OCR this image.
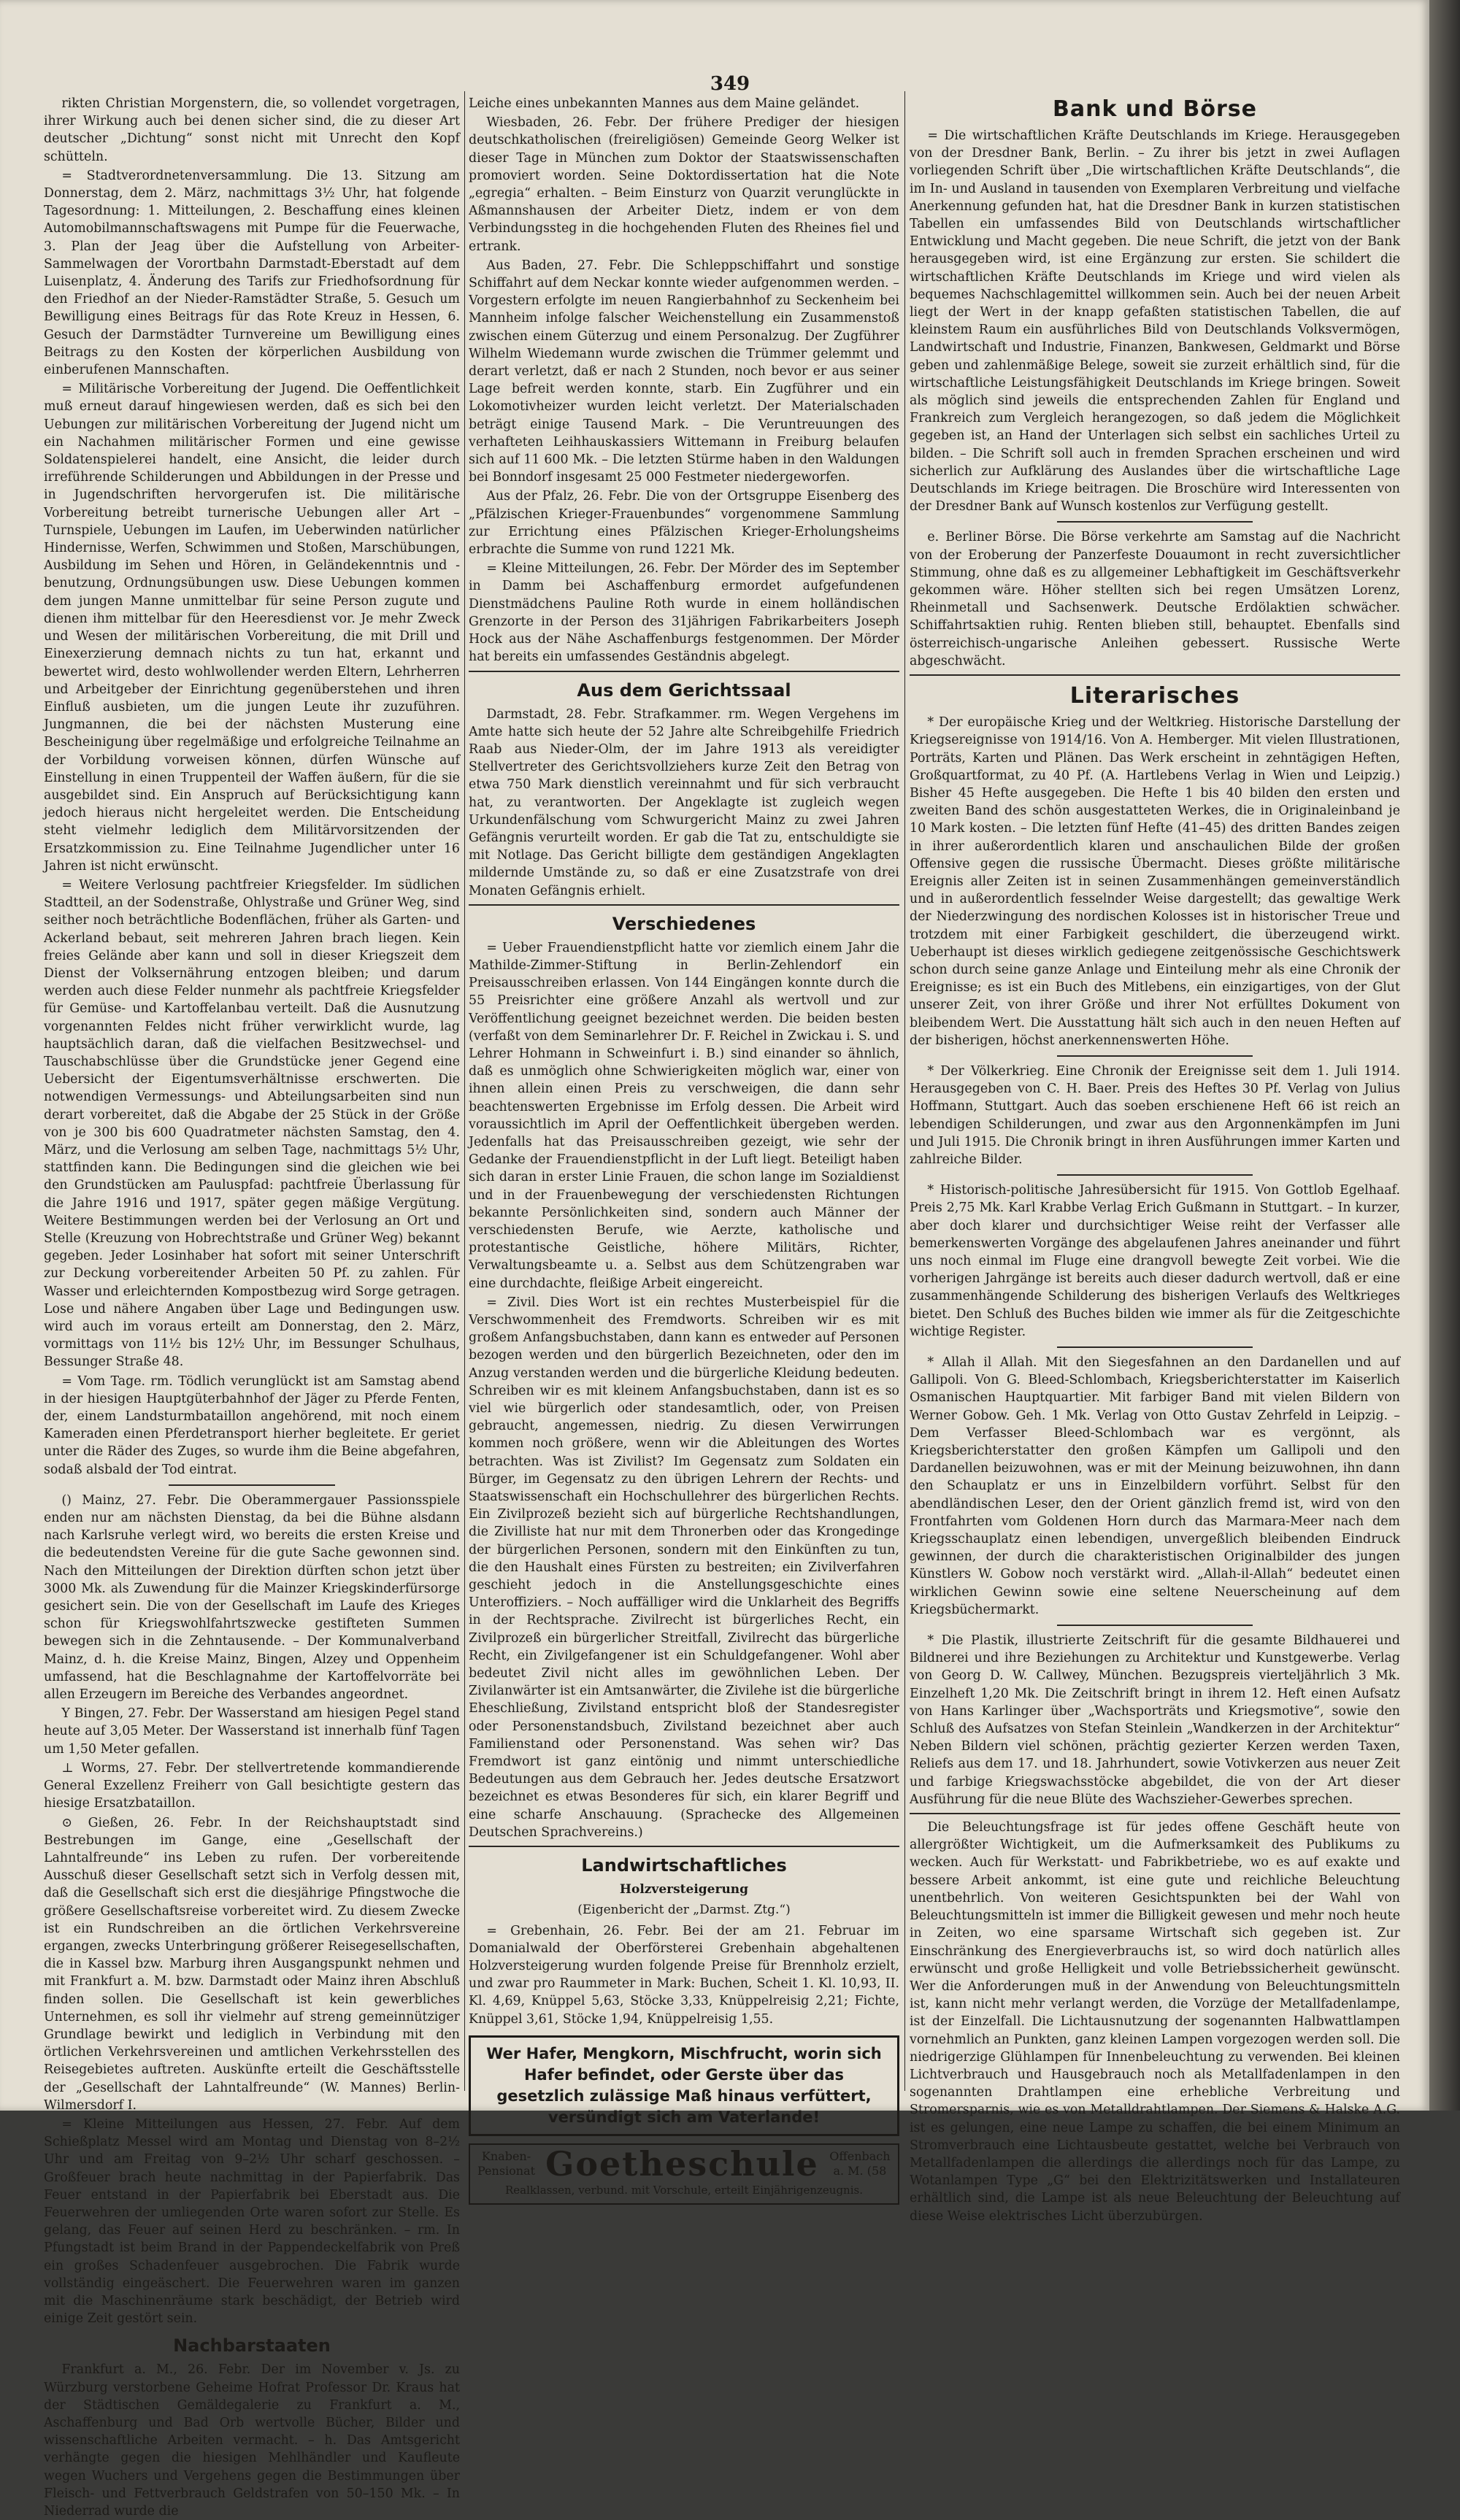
349

rikten Christian Morgenstern, die, so vollendet vorgetragen, ihrer Wirkung auch bei denen sicher sind, die zu dieser Art deutscher „Dichtung“ sonst nicht mit Unrecht den Kopf schütteln.

= Stadtverordnetenversammlung. Die 13. Sitzung am Donnerstag, dem 2. März, nachmittags 3½ Uhr, hat folgende Tagesordnung: 1. Mitteilungen, 2. Beschaffung eines kleinen Automobilmannschaftswagens mit Pumpe für die Feuerwache, 3. Plan der Jeag über die Aufstellung von Arbeiter-Sammelwagen der Vorortbahn Darmstadt-Eberstadt auf dem Luisenplatz, 4. Änderung des Tarifs zur Friedhofsordnung für den Friedhof an der Nieder-Ramstädter Straße, 5. Gesuch um Bewilligung eines Beitrags für das Rote Kreuz in Hessen, 6. Gesuch der Darmstädter Turnvereine um Bewilligung eines Beitrags zu den Kosten der körperlichen Ausbildung von einberufenen Mannschaften.

= Militärische Vorbereitung der Jugend. Die Oeffentlichkeit muß erneut darauf hingewiesen werden, daß es sich bei den Uebungen zur militärischen Vorbereitung der Jugend nicht um ein Nachahmen militärischer Formen und eine gewisse Soldatenspielerei handelt, eine Ansicht, die leider durch irreführende Schilderungen und Abbildungen in der Presse und in Jugendschriften hervorgerufen ist. Die militärische Vorbereitung betreibt turnerische Uebungen aller Art – Turnspiele, Uebungen im Laufen, im Ueberwinden natürlicher Hindernisse, Werfen, Schwimmen und Stoßen, Marschübungen, Ausbildung im Sehen und Hören, in Geländekenntnis und -benutzung, Ordnungsübungen usw. Diese Uebungen kommen dem jungen Manne unmittelbar für seine Person zugute und dienen ihm mittelbar für den Heeresdienst vor. Je mehr Zweck und Wesen der militärischen Vorbereitung, die mit Drill und Einexerzierung demnach nichts zu tun hat, erkannt und bewertet wird, desto wohlwollender werden Eltern, Lehrherren und Arbeitgeber der Einrichtung gegenüberstehen und ihren Einfluß ausbieten, um die jungen Leute ihr zuzuführen. Jungmannen, die bei der nächsten Musterung eine Bescheinigung über regelmäßige und erfolgreiche Teilnahme an der Vorbildung vorweisen können, dürfen Wünsche auf Einstellung in einen Truppenteil der Waffen äußern, für die sie ausgebildet sind. Ein Anspruch auf Berücksichtigung kann jedoch hieraus nicht hergeleitet werden. Die Entscheidung steht vielmehr lediglich dem Militärvorsitzenden der Ersatzkommission zu. Eine Teilnahme Jugendlicher unter 16 Jahren ist nicht erwünscht.

= Weitere Verlosung pachtfreier Kriegsfelder. Im südlichen Stadtteil, an der Sodenstraße, Ohlystraße und Grüner Weg, sind seither noch beträchtliche Bodenflächen, früher als Garten- und Ackerland bebaut, seit mehreren Jahren brach liegen. Kein freies Gelände aber kann und soll in dieser Kriegszeit dem Dienst der Volksernährung entzogen bleiben; und darum werden auch diese Felder nunmehr als pachtfreie Kriegsfelder für Gemüse- und Kartoffelanbau verteilt. Daß die Ausnutzung vorgenannten Feldes nicht früher verwirklicht wurde, lag hauptsächlich daran, daß die vielfachen Besitzwechsel- und Tauschabschlüsse über die Grundstücke jener Gegend eine Uebersicht der Eigentumsverhältnisse erschwerten. Die notwendigen Vermessungs- und Abteilungsarbeiten sind nun derart vorbereitet, daß die Abgabe der 25 Stück in der Größe von je 300 bis 600 Quadratmeter nächsten Samstag, den 4. März, und die Verlosung am selben Tage, nachmittags 5½ Uhr, stattfinden kann. Die Bedingungen sind die gleichen wie bei den Grundstücken am Pauluspfad: pachtfreie Überlassung für die Jahre 1916 und 1917, später gegen mäßige Vergütung. Weitere Bestimmungen werden bei der Verlosung an Ort und Stelle (Kreuzung von Hobrechtstraße und Grüner Weg) bekannt gegeben. Jeder Losinhaber hat sofort mit seiner Unterschrift zur Deckung vorbereitender Arbeiten 50 Pf. zu zahlen. Für Wasser und erleichternden Kompostbezug wird Sorge getragen. Lose und nähere Angaben über Lage und Bedingungen usw. wird auch im voraus erteilt am Donnerstag, den 2. März, vormittags von 11½ bis 12½ Uhr, im Bessunger Schulhaus, Bessunger Straße 48.

= Vom Tage. rm. Tödlich verunglückt ist am Samstag abend in der hiesigen Hauptgüterbahnhof der Jäger zu Pferde Fenten, der, einem Landsturmbataillon angehörend, mit noch einem Kameraden einen Pferdetransport hierher begleitete. Er geriet unter die Räder des Zuges, so wurde ihm die Beine abgefahren, sodaß alsbald der Tod eintrat.

() Mainz, 27. Febr. Die Oberammergauer Passionsspiele enden nur am nächsten Dienstag, da bei die Bühne alsdann nach Karlsruhe verlegt wird, wo bereits die ersten Kreise und die bedeutendsten Vereine für die gute Sache gewonnen sind. Nach den Mitteilungen der Direktion dürften schon jetzt über 3000 Mk. als Zuwendung für die Mainzer Kriegskinderfürsorge gesichert sein. Die von der Gesellschaft im Laufe des Krieges schon für Kriegswohlfahrtszwecke gestifteten Summen bewegen sich in die Zehntausende. – Der Kommunalverband Mainz, d. h. die Kreise Mainz, Bingen, Alzey und Oppenheim umfassend, hat die Beschlagnahme der Kartoffelvorräte bei allen Erzeugern im Bereiche des Verbandes angeordnet.

Y Bingen, 27. Febr. Der Wasserstand am hiesigen Pegel stand heute auf 3,05 Meter. Der Wasserstand ist innerhalb fünf Tagen um 1,50 Meter gefallen.

⊥ Worms, 27. Febr. Der stellvertretende kommandierende General Exzellenz Freiherr von Gall besichtigte gestern das hiesige Ersatzbataillon.

⊙ Gießen, 26. Febr. In der Reichshauptstadt sind Bestrebungen im Gange, eine „Gesellschaft der Lahntalfreunde“ ins Leben zu rufen. Der vorbereitende Ausschuß dieser Gesellschaft setzt sich in Verfolg dessen mit, daß die Gesellschaft sich erst die diesjährige Pfingstwoche die größere Gesellschaftsreise vorbereitet wird. Zu diesem Zwecke ist ein Rundschreiben an die örtlichen Verkehrsvereine ergangen, zwecks Unterbringung größerer Reisegesellschaften, die in Kassel bzw. Marburg ihren Ausgangspunkt nehmen und mit Frankfurt a. M. bzw. Darmstadt oder Mainz ihren Abschluß finden sollen. Die Gesellschaft ist kein gewerbliches Unternehmen, es soll ihr vielmehr auf streng gemeinnütziger Grundlage bewirkt und lediglich in Verbindung mit den örtlichen Verkehrsvereinen und amtlichen Verkehrsstellen des Reisegebietes auftreten. Auskünfte erteilt die Geschäftsstelle der „Gesellschaft der Lahntalfreunde“ (W. Mannes) Berlin-Wilmersdorf I.

= Kleine Mitteilungen aus Hessen, 27. Febr. Auf dem Schießplatz Messel wird am Montag und Dienstag von 8–2½ Uhr und am Freitag von 9–2½ Uhr scharf geschossen. – Großfeuer brach heute nachmittag in der Papierfabrik. Das Feuer entstand in der Papierfabrik bei Eberstadt aus. Die Feuerwehren der umliegenden Orte waren sofort zur Stelle. Es gelang, das Feuer auf seinen Herd zu beschränken. – rm. In Pfungstadt ist beim Brand in der Pappendeckelfabrik von Preß ein großes Schadenfeuer ausgebrochen. Die Fabrik wurde vollständig eingeäschert. Die Feuerwehren waren im ganzen mit die Maschinenräume stark beschädigt, der Betrieb wird einige Zeit gestört sein.

Nachbarstaaten

Frankfurt a. M., 26. Febr. Der im November v. Js. zu Würzburg verstorbene Geheime Hofrat Professor Dr. Kraus hat der Städtischen Gemäldegalerie zu Frankfurt a. M., Aschaffenburg und Bad Orb wertvolle Bücher, Bilder und wissenschaftliche Arbeiten vermacht. – h. Das Amtsgericht verhängte gegen die hiesigen Mehlhändler und Kaufleute wegen Wuchers und Vergehens gegen die Bestimmungen über Fleisch- und Fettverbrauch Geldstrafen von 50–150 Mk. – In Niederrad wurde die

Leiche eines unbekannten Mannes aus dem Maine geländet.

Wiesbaden, 26. Febr. Der frühere Prediger der hiesigen deutschkatholischen (freireligiösen) Gemeinde Georg Welker ist dieser Tage in München zum Doktor der Staatswissenschaften promoviert worden. Seine Doktordissertation hat die Note „egregia“ erhalten. – Beim Einsturz von Quarzit verunglückte in Aßmannshausen der Arbeiter Dietz, indem er von dem Verbindungssteg in die hochgehenden Fluten des Rheines fiel und ertrank.

Aus Baden, 27. Febr. Die Schleppschiffahrt und sonstige Schiffahrt auf dem Neckar konnte wieder aufgenommen werden. – Vorgestern erfolgte im neuen Rangierbahnhof zu Seckenheim bei Mannheim infolge falscher Weichenstellung ein Zusammenstoß zwischen einem Güterzug und einem Personalzug. Der Zugführer Wilhelm Wiedemann wurde zwischen die Trümmer gelemmt und derart verletzt, daß er nach 2 Stunden, noch bevor er aus seiner Lage befreit werden konnte, starb. Ein Zugführer und ein Lokomotivheizer wurden leicht verletzt. Der Materialschaden beträgt einige Tausend Mark. – Die Veruntreuungen des verhafteten Leihhauskassiers Wittemann in Freiburg belaufen sich auf 11 600 Mk. – Die letzten Stürme haben in den Waldungen bei Bonndorf insgesamt 25 000 Festmeter niedergeworfen.

Aus der Pfalz, 26. Febr. Die von der Ortsgruppe Eisenberg des „Pfälzischen Krieger-Frauenbundes“ vorgenommene Sammlung zur Errichtung eines Pfälzischen Krieger-Erholungsheims erbrachte die Summe von rund 1221 Mk.

= Kleine Mitteilungen, 26. Febr. Der Mörder des im September in Damm bei Aschaffenburg ermordet aufgefundenen Dienstmädchens Pauline Roth wurde in einem holländischen Grenzorte in der Person des 31jährigen Fabrikarbeiters Joseph Hock aus der Nähe Aschaffenburgs festgenommen. Der Mörder hat bereits ein umfassendes Geständnis abgelegt.

Aus dem Gerichtssaal

Darmstadt, 28. Febr. Strafkammer. rm. Wegen Vergehens im Amte hatte sich heute der 52 Jahre alte Schreibgehilfe Friedrich Raab aus Nieder-Olm, der im Jahre 1913 als vereidigter Stellvertreter des Gerichtsvollziehers kurze Zeit den Betrag von etwa 750 Mark dienstlich vereinnahmt und für sich verbraucht hat, zu verantworten. Der Angeklagte ist zugleich wegen Urkundenfälschung vom Schwurgericht Mainz zu zwei Jahren Gefängnis verurteilt worden. Er gab die Tat zu, entschuldigte sie mit Notlage. Das Gericht billigte dem geständigen Angeklagten mildernde Umstände zu, so daß er eine Zusatzstrafe von drei Monaten Gefängnis erhielt.

Verschiedenes

= Ueber Frauendienstpflicht hatte vor ziemlich einem Jahr die Mathilde-Zimmer-Stiftung in Berlin-Zehlendorf ein Preisausschreiben erlassen. Von 144 Eingängen konnte durch die 55 Preisrichter eine größere Anzahl als wertvoll und zur Veröffentlichung geeignet bezeichnet werden. Die beiden besten (verfaßt von dem Seminarlehrer Dr. F. Reichel in Zwickau i. S. und Lehrer Hohmann in Schweinfurt i. B.) sind einander so ähnlich, daß es unmöglich ohne Schwierigkeiten möglich war, einer von ihnen allein einen Preis zu verschweigen, die dann sehr beachtenswerten Ergebnisse im Erfolg dessen. Die Arbeit wird voraussichtlich im April der Oeffentlichkeit übergeben werden. Jedenfalls hat das Preisausschreiben gezeigt, wie sehr der Gedanke der Frauendienstpflicht in der Luft liegt. Beteiligt haben sich daran in erster Linie Frauen, die schon lange im Sozialdienst und in der Frauenbewegung der verschiedensten Richtungen bekannte Persönlichkeiten sind, sondern auch Männer der verschiedensten Berufe, wie Aerzte, katholische und protestantische Geistliche, höhere Militärs, Richter, Verwaltungsbeamte u. a. Selbst aus dem Schützengraben war eine durchdachte, fleißige Arbeit eingereicht.

= Zivil. Dies Wort ist ein rechtes Musterbeispiel für die Verschwommenheit des Fremdworts. Schreiben wir es mit großem Anfangsbuchstaben, dann kann es entweder auf Personen bezogen werden und den bürgerlich Bezeichneten, oder den im Anzug verstanden werden und die bürgerliche Kleidung bedeuten. Schreiben wir es mit kleinem Anfangsbuchstaben, dann ist es so viel wie bürgerlich oder standesamtlich, oder, von Preisen gebraucht, angemessen, niedrig. Zu diesen Verwirrungen kommen noch größere, wenn wir die Ableitungen des Wortes betrachten. Was ist Zivilist? Im Gegensatz zum Soldaten ein Bürger, im Gegensatz zu den übrigen Lehrern der Rechts- und Staatswissenschaft ein Hochschullehrer des bürgerlichen Rechts. Ein Zivilprozeß bezieht sich auf bürgerliche Rechtshandlungen, die Zivilliste hat nur mit dem Thronerben oder das Krongedinge der bürgerlichen Personen, sondern mit den Einkünften zu tun, die den Haushalt eines Fürsten zu bestreiten; ein Zivilverfahren geschieht jedoch in die Anstellungsgeschichte eines Unteroffiziers. – Noch auffälliger wird die Unklarheit des Begriffs in der Rechtsprache. Zivilrecht ist bürgerliches Recht, ein Zivilprozeß ein bürgerlicher Streitfall, Zivilrecht das bürgerliche Recht, ein Zivilgefangener ist ein Schuldgefangener. Wohl aber bedeutet Zivil nicht alles im gewöhnlichen Leben. Der Zivilanwärter ist ein Amtsanwärter, die Zivilehe ist die bürgerliche Eheschließung, Zivilstand entspricht bloß der Standesregister oder Personenstandsbuch, Zivilstand bezeichnet aber auch Familienstand oder Personenstand. Was sehen wir? Das Fremdwort ist ganz eintönig und nimmt unterschiedliche Bedeutungen aus dem Gebrauch her. Jedes deutsche Ersatzwort bezeichnet es etwas Besonderes für sich, ein klarer Begriff und eine scharfe Anschauung. (Sprachecke des Allgemeinen Deutschen Sprachvereins.)

Landwirtschaftliches
Holzversteigerung
(Eigenbericht der „Darmst. Ztg.“)

= Grebenhain, 26. Febr. Bei der am 21. Februar im Domanialwald der Oberförsterei Grebenhain abgehaltenen Holzversteigerung wurden folgende Preise für Brennholz erzielt, und zwar pro Raummeter in Mark: Buchen, Scheit 1. Kl. 10,93, II. Kl. 4,69, Knüppel 5,63, Stöcke 3,33, Knüppelreisig 2,21; Fichte, Knüppel 3,61, Stöcke 1,94, Knüppelreisig 1,55.

Wer Hafer, Mengkorn, Mischfrucht, worin sich Hafer befindet, oder Gerste über das gesetzlich zulässige Maß hinaus verfüttert, versündigt sich am Vaterlande!
Knaben-Pensionat Goetheschule Offenbach a. M. (58
Realklassen, verbund. mit Vorschule, erteilt Einjährigenzeugnis.
Bank und Börse

= Die wirtschaftlichen Kräfte Deutschlands im Kriege. Herausgegeben von der Dresdner Bank, Berlin. – Zu ihrer bis jetzt in zwei Auflagen vorliegenden Schrift über „Die wirtschaftlichen Kräfte Deutschlands“, die im In- und Ausland in tausenden von Exemplaren Verbreitung und vielfache Anerkennung gefunden hat, hat die Dresdner Bank in kurzen statistischen Tabellen ein umfassendes Bild von Deutschlands wirtschaftlicher Entwicklung und Macht gegeben. Die neue Schrift, die jetzt von der Bank herausgegeben wird, ist eine Ergänzung zur ersten. Sie schildert die wirtschaftlichen Kräfte Deutschlands im Kriege und wird vielen als bequemes Nachschlagemittel willkommen sein. Auch bei der neuen Arbeit liegt der Wert in der knapp gefaßten statistischen Tabellen, die auf kleinstem Raum ein ausführliches Bild von Deutschlands Volksvermögen, Landwirtschaft und Industrie, Finanzen, Bankwesen, Geldmarkt und Börse geben und zahlenmäßige Belege, soweit sie zurzeit erhältlich sind, für die wirtschaftliche Leistungsfähigkeit Deutschlands im Kriege bringen. Soweit als möglich sind jeweils die entsprechenden Zahlen für England und Frankreich zum Vergleich herangezogen, so daß jedem die Möglichkeit gegeben ist, an Hand der Unterlagen sich selbst ein sachliches Urteil zu bilden. – Die Schrift soll auch in fremden Sprachen erscheinen und wird sicherlich zur Aufklärung des Auslandes über die wirtschaftliche Lage Deutschlands im Kriege beitragen. Die Broschüre wird Interessenten von der Dresdner Bank auf Wunsch kostenlos zur Verfügung gestellt.

e. Berliner Börse. Die Börse verkehrte am Samstag auf die Nachricht von der Eroberung der Panzerfeste Douaumont in recht zuversichtlicher Stimmung, ohne daß es zu allgemeiner Lebhaftigkeit im Geschäftsverkehr gekommen wäre. Höher stellten sich bei regen Umsätzen Lorenz, Rheinmetall und Sachsenwerk. Deutsche Erdölaktien schwächer. Schiffahrtsaktien ruhig. Renten blieben still, behauptet. Ebenfalls sind österreichisch-ungarische Anleihen gebessert. Russische Werte abgeschwächt.

Literarisches

* Der europäische Krieg und der Weltkrieg. Historische Darstellung der Kriegsereignisse von 1914/16. Von A. Hemberger. Mit vielen Illustrationen, Porträts, Karten und Plänen. Das Werk erscheint in zehntägigen Heften, Großquartformat, zu 40 Pf. (A. Hartlebens Verlag in Wien und Leipzig.) Bisher 45 Hefte ausgegeben. Die Hefte 1 bis 40 bilden den ersten und zweiten Band des schön ausgestatteten Werkes, die in Originaleinband je 10 Mark kosten. – Die letzten fünf Hefte (41–45) des dritten Bandes zeigen in ihrer außerordentlich klaren und anschaulichen Bilde der großen Offensive gegen die russische Übermacht. Dieses größte militärische Ereignis aller Zeiten ist in seinen Zusammenhängen gemeinverständlich und in außerordentlich fesselnder Weise dargestellt; das gewaltige Werk der Niederzwingung des nordischen Kolosses ist in historischer Treue und trotzdem mit einer Farbigkeit geschildert, die überzeugend wirkt. Ueberhaupt ist dieses wirklich gediegene zeitgenössische Geschichtswerk schon durch seine ganze Anlage und Einteilung mehr als eine Chronik der Ereignisse; es ist ein Buch des Mitlebens, ein einzigartiges, von der Glut unserer Zeit, von ihrer Größe und ihrer Not erfülltes Dokument von bleibendem Wert. Die Ausstattung hält sich auch in den neuen Heften auf der bisherigen, höchst anerkennenswerten Höhe.

* Der Völkerkrieg. Eine Chronik der Ereignisse seit dem 1. Juli 1914. Herausgegeben von C. H. Baer. Preis des Heftes 30 Pf. Verlag von Julius Hoffmann, Stuttgart. Auch das soeben erschienene Heft 66 ist reich an lebendigen Schilderungen, und zwar aus den Argonnenkämpfen im Juni und Juli 1915. Die Chronik bringt in ihren Ausführungen immer Karten und zahlreiche Bilder.

* Historisch-politische Jahresübersicht für 1915. Von Gottlob Egelhaaf. Preis 2,75 Mk. Karl Krabbe Verlag Erich Gußmann in Stuttgart. – In kurzer, aber doch klarer und durchsichtiger Weise reiht der Verfasser alle bemerkenswerten Vorgänge des abgelaufenen Jahres aneinander und führt uns noch einmal im Fluge eine drangvoll bewegte Zeit vorbei. Wie die vorherigen Jahrgänge ist bereits auch dieser dadurch wertvoll, daß er eine zusammenhängende Schilderung des bisherigen Verlaufs des Weltkrieges bietet. Den Schluß des Buches bilden wie immer als für die Zeitgeschichte wichtige Register.

* Allah il Allah. Mit den Siegesfahnen an den Dardanellen und auf Gallipoli. Von G. Bleed-Schlombach, Kriegsberichterstatter im Kaiserlich Osmanischen Hauptquartier. Mit farbiger Band mit vielen Bildern von Werner Gobow. Geh. 1 Mk. Verlag von Otto Gustav Zehrfeld in Leipzig. – Dem Verfasser Bleed-Schlombach war es vergönnt, als Kriegsberichterstatter den großen Kämpfen um Gallipoli und den Dardanellen beizuwohnen, was er mit der Meinung beizuwohnen, ihn dann den Schauplatz er uns in Einzelbildern vorführt. Selbst für den abendländischen Leser, den der Orient gänzlich fremd ist, wird von den Frontfahrten vom Goldenen Horn durch das Marmara-Meer nach dem Kriegsschauplatz einen lebendigen, unvergeßlich bleibenden Eindruck gewinnen, der durch die charakteristischen Originalbilder des jungen Künstlers W. Gobow noch verstärkt wird. „Allah-il-Allah“ bedeutet einen wirklichen Gewinn sowie eine seltene Neuerscheinung auf dem Kriegsbüchermarkt.

* Die Plastik, illustrierte Zeitschrift für die gesamte Bildhauerei und Bildnerei und ihre Beziehungen zu Architektur und Kunstgewerbe. Verlag von Georg D. W. Callwey, München. Bezugspreis vierteljährlich 3 Mk. Einzelheft 1,20 Mk. Die Zeitschrift bringt in ihrem 12. Heft einen Aufsatz von Hans Karlinger über „Wachsporträts und Kriegsmotive“, sowie den Schluß des Aufsatzes von Stefan Steinlein „Wandkerzen in der Architektur“ Neben Bildern viel schönen, prächtig gezierter Kerzen werden Taxen, Reliefs aus dem 17. und 18. Jahrhundert, sowie Votivkerzen aus neuer Zeit und farbige Kriegswachsstöcke abgebildet, die von der Art dieser Ausführung für die neue Blüte des Wachszieher-Gewerbes sprechen.

Die Beleuchtungsfrage ist für jedes offene Geschäft heute von allergrößter Wichtigkeit, um die Aufmerksamkeit des Publikums zu wecken. Auch für Werkstatt- und Fabrikbetriebe, wo es auf exakte und bessere Arbeit ankommt, ist eine gute und reichliche Beleuchtung unentbehrlich. Von weiteren Gesichtspunkten bei der Wahl von Beleuchtungsmitteln ist immer die Billigkeit gewesen und mehr noch heute in Zeiten, wo eine sparsame Wirtschaft sich gegeben ist. Zur Einschränkung des Energieverbrauchs ist, so wird doch natürlich alles erwünscht und große Helligkeit und volle Betriebssicherheit gewünscht. Wer die Anforderungen muß in der Anwendung von Beleuchtungsmitteln ist, kann nicht mehr verlangt werden, die Vorzüge der Metallfadenlampe, ist der Einzelfall. Die Lichtausnutzung der sogenannten Halbwattlampen vornehmlich an Punkten, ganz kleinen Lampen vorgezogen werden soll. Die niedrigerzige Glühlampen für Innenbeleuchtung zu verwenden. Bei kleinen Lichtverbrauch und Hausgebrauch noch als Metallfadenlampen in den sogenannten Drahtlampen eine erhebliche Verbreitung und Stromersparnis, wie es von Metalldrahtlampen. Der Siemens & Halske A.G. ist es gelungen, eine neue Lampe zu schaffen, die bei einem Minimum an Stromverbrauch eine Lichtausbeute gestattet, welche bei Verbrauch von Metallfadenlampen die allerdings die allerdings noch für das Lampe, zu Wotanlampen Type „G“ bei den Elektrizitätswerken und Installateuren erhältlich sind, die Lampe ist als neue Beleuchtung der Beleuchtung auf diese Weise elektrisches Licht überzubürgen.
